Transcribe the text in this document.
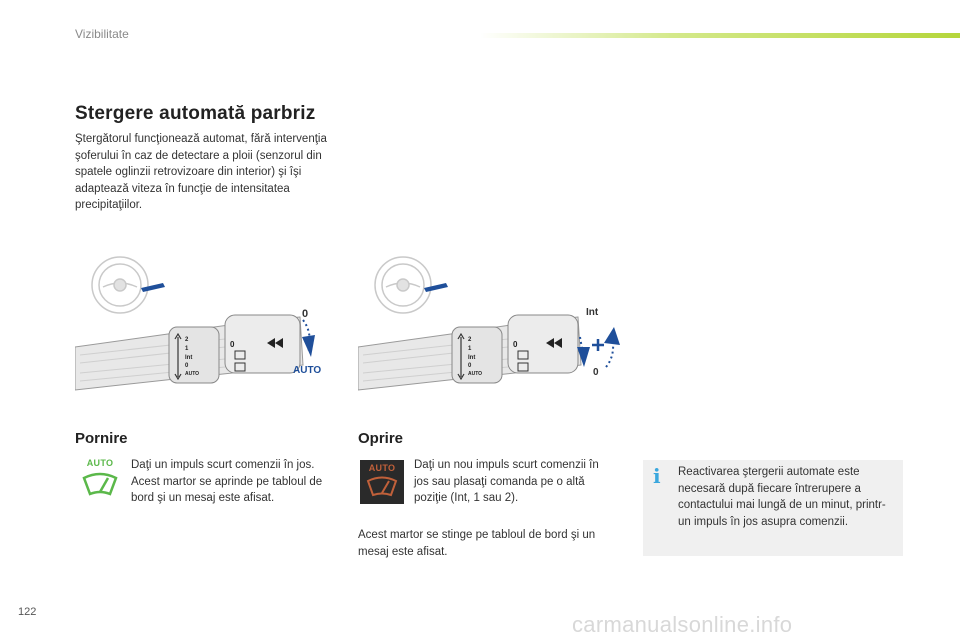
Vizibilitate
Stergere automată parbriz
Ştergătorul funcţionează automat, fără intervenţia şoferului în caz de detectare a ploii (senzorul din spatele oglinzii retrovizoare din interior) şi îşi adaptează viteza în funcţie de intensitatea precipitaţiilor.
2
1
Int
0
AUTO
0
0
AUTO
2
1
Int
0
AUTO
0
Int
0
Pornire
AUTO	Daţi un impuls scurt comenzii în jos. Acest martor se aprinde pe tabloul de bord şi un mesaj este afisat.
Oprire
AUTO	Daţi un nou impuls scurt comenzii în jos sau plasaţi comanda pe o altă poziţie (Int, 1 sau 2).
Acest martor se stinge pe tabloul de bord şi un mesaj este afisat.
i	Reactivarea ştergerii automate este necesară după fiecare întrerupere a contactului mai lungă de un minut, printr-un impuls în jos asupra comenzii.
122	carmanualsonline.info
